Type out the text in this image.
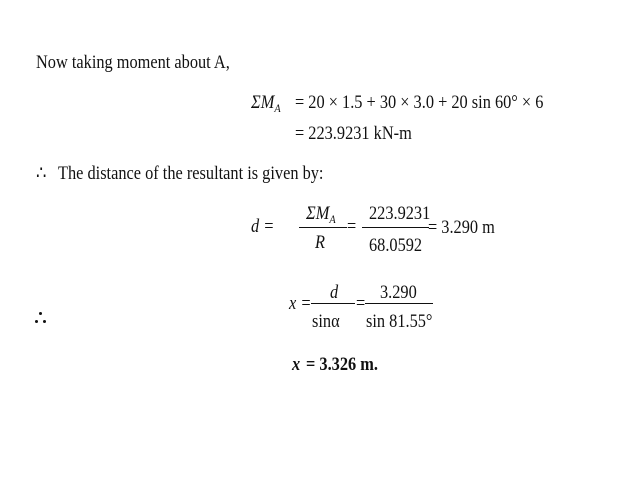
Now taking moment about A,
$\Sigma M_A = 20 \times 1.5 + 30 \times 3.0 + 20$ sin 60° × 6
= 223.9231 kN-m
∴ The distance of the resultant is given by:
d =
$\Sigma M_A$
R
=
223.9231
68.0592
= 3.290 m
x =
d
sinα
=
3.290
sin 81.55°
x = 3.326 m.
